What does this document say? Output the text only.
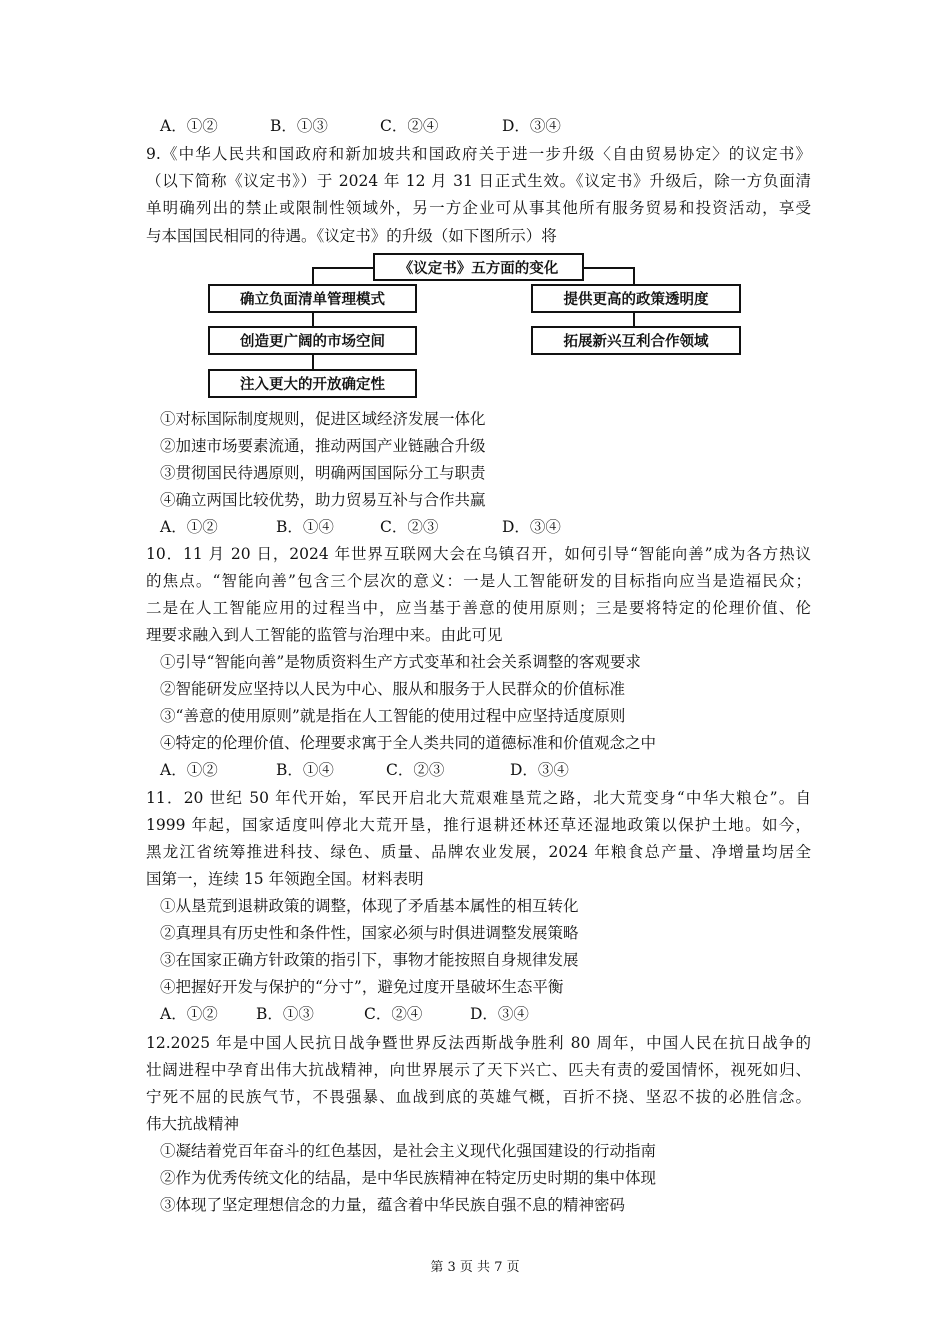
A．①②	B．①③	C．②④	D．③④
9.《中华人民共和国政府和新加坡共和国政府关于进一步升级〈自由贸易协定〉的议定书》
（以下简称《议定书》）于 2024 年 12 月 31 日正式生效。《议定书》升级后，除一方负面清
单明确列出的禁止或限制性领域外，另一方企业可从事其他所有服务贸易和投资活动，享受
与本国国民相同的待遇。《议定书》的升级（如下图所示）将
《议定书》五方面的变化
确立负面清单管理模式
创造更广阔的市场空间
注入更大的开放确定性
提供更高的政策透明度
拓展新兴互利合作领域
①对标国际制度规则，促进区域经济发展一体化
②加速市场要素流通，推动两国产业链融合升级
③贯彻国民待遇原则，明确两国国际分工与职责
④确立两国比较优势，助力贸易互补与合作共赢
A．①②	B．①④	C．②③	D．③④
10．11 月 20 日，2024 年世界互联网大会在乌镇召开，如何引导“智能向善”成为各方热议
的焦点。“智能向善”包含三个层次的意义：一是人工智能研发的目标指向应当是造福民众；
二是在人工智能应用的过程当中，应当基于善意的使用原则；三是要将特定的伦理价值、伦
理要求融入到人工智能的监管与治理中来。由此可见
①引导“智能向善”是物质资料生产方式变革和社会关系调整的客观要求
②智能研发应坚持以人民为中心、服从和服务于人民群众的价值标准
③“善意的使用原则”就是指在人工智能的使用过程中应坚持适度原则
④特定的伦理价值、伦理要求寓于全人类共同的道德标准和价值观念之中
A．①②	B．①④	C．②③	D．③④
11．20 世纪 50 年代开始，军民开启北大荒艰难垦荒之路，北大荒变身“中华大粮仓”。自
1999 年起，国家适度叫停北大荒开垦，推行退耕还林还草还湿地政策以保护土地。如今，
黑龙江省统筹推进科技、绿色、质量、品牌农业发展，2024 年粮食总产量、净增量均居全
国第一，连续 15 年领跑全国。材料表明
①从垦荒到退耕政策的调整，体现了矛盾基本属性的相互转化
②真理具有历史性和条件性，国家必须与时俱进调整发展策略
③在国家正确方针政策的指引下，事物才能按照自身规律发展
④把握好开发与保护的“分寸”，避免过度开垦破坏生态平衡
A．①② B．①③	C．②④	D．③④
12.2025 年是中国人民抗日战争暨世界反法西斯战争胜利 80 周年，中国人民在抗日战争的
壮阔进程中孕育出伟大抗战精神，向世界展示了天下兴亡、匹夫有责的爱国情怀，视死如归、
宁死不屈的民族气节，不畏强暴、血战到底的英雄气概，百折不挠、坚忍不拔的必胜信念。
伟大抗战精神
①凝结着党百年奋斗的红色基因，是社会主义现代化强国建设的行动指南
②作为优秀传统文化的结晶，是中华民族精神在特定历史时期的集中体现
③体现了坚定理想信念的力量，蕴含着中华民族自强不息的精神密码
第 3 页 共 7 页
